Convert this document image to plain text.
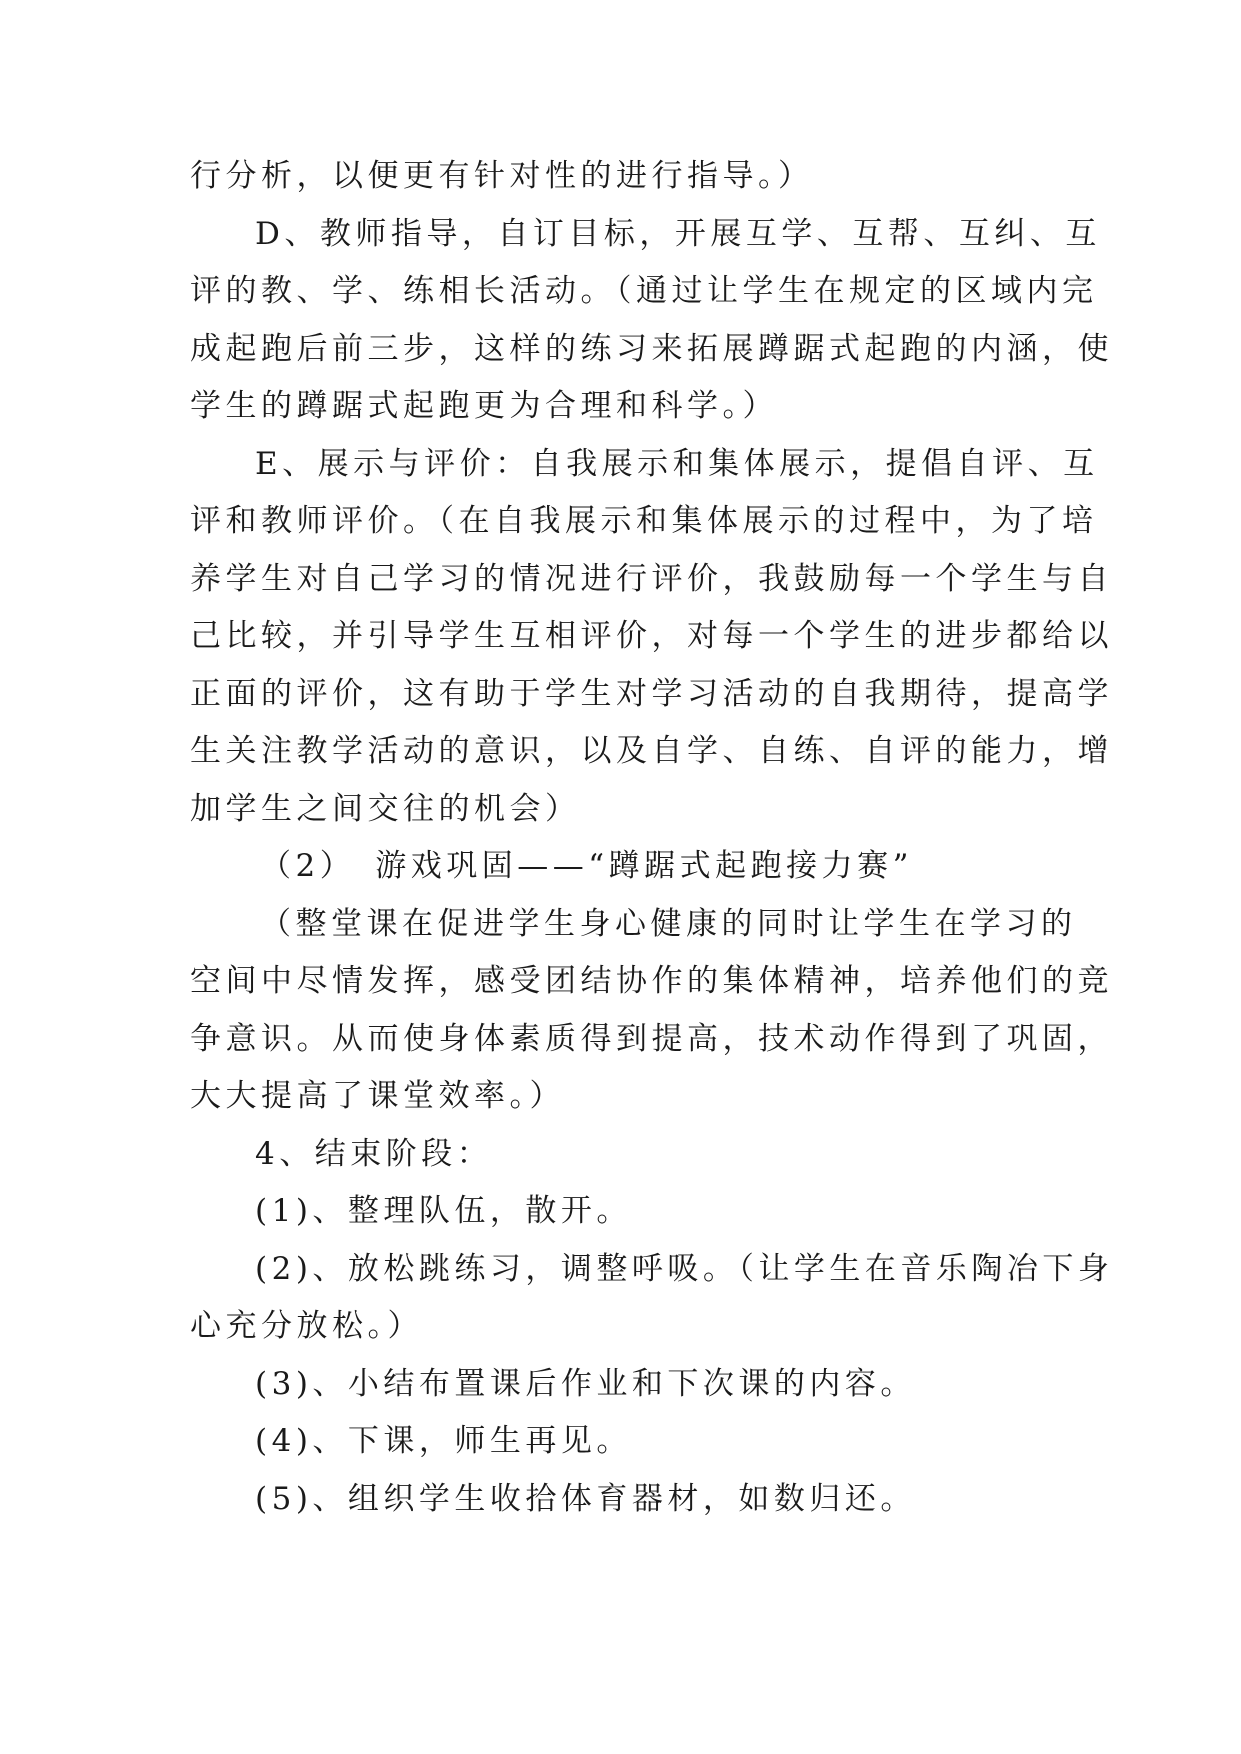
行分析，以便更有针对性的进行指导。）
D、教师指导，自订目标，开展互学、互帮、互纠、互
评的教、学、练相长活动。（通过让学生在规定的区域内完
成起跑后前三步，这样的练习来拓展蹲踞式起跑的内涵，使
学生的蹲踞式起跑更为合理和科学。）
E、展示与评价：自我展示和集体展示，提倡自评、互
评和教师评价。（在自我展示和集体展示的过程中，为了培
养学生对自己学习的情况进行评价，我鼓励每一个学生与自
己比较，并引导学生互相评价，对每一个学生的进步都给以
正面的评价，这有助于学生对学习活动的自我期待，提高学
生关注教学活动的意识，以及自学、自练、自评的能力，增
加学生之间交往的机会）
（2）　游戏巩固——“蹲踞式起跑接力赛”
（整堂课在促进学生身心健康的同时让学生在学习的
空间中尽情发挥，感受团结协作的集体精神，培养他们的竞
争意识。从而使身体素质得到提高，技术动作得到了巩固，
大大提高了课堂效率。）
4、结束阶段：
(1)、整理队伍，散开。
(2)、放松跳练习，调整呼吸。（让学生在音乐陶冶下身
心充分放松。）
(3)、小结布置课后作业和下次课的内容。
(4)、下课，师生再见。
(5)、组织学生收拾体育器材，如数归还。
